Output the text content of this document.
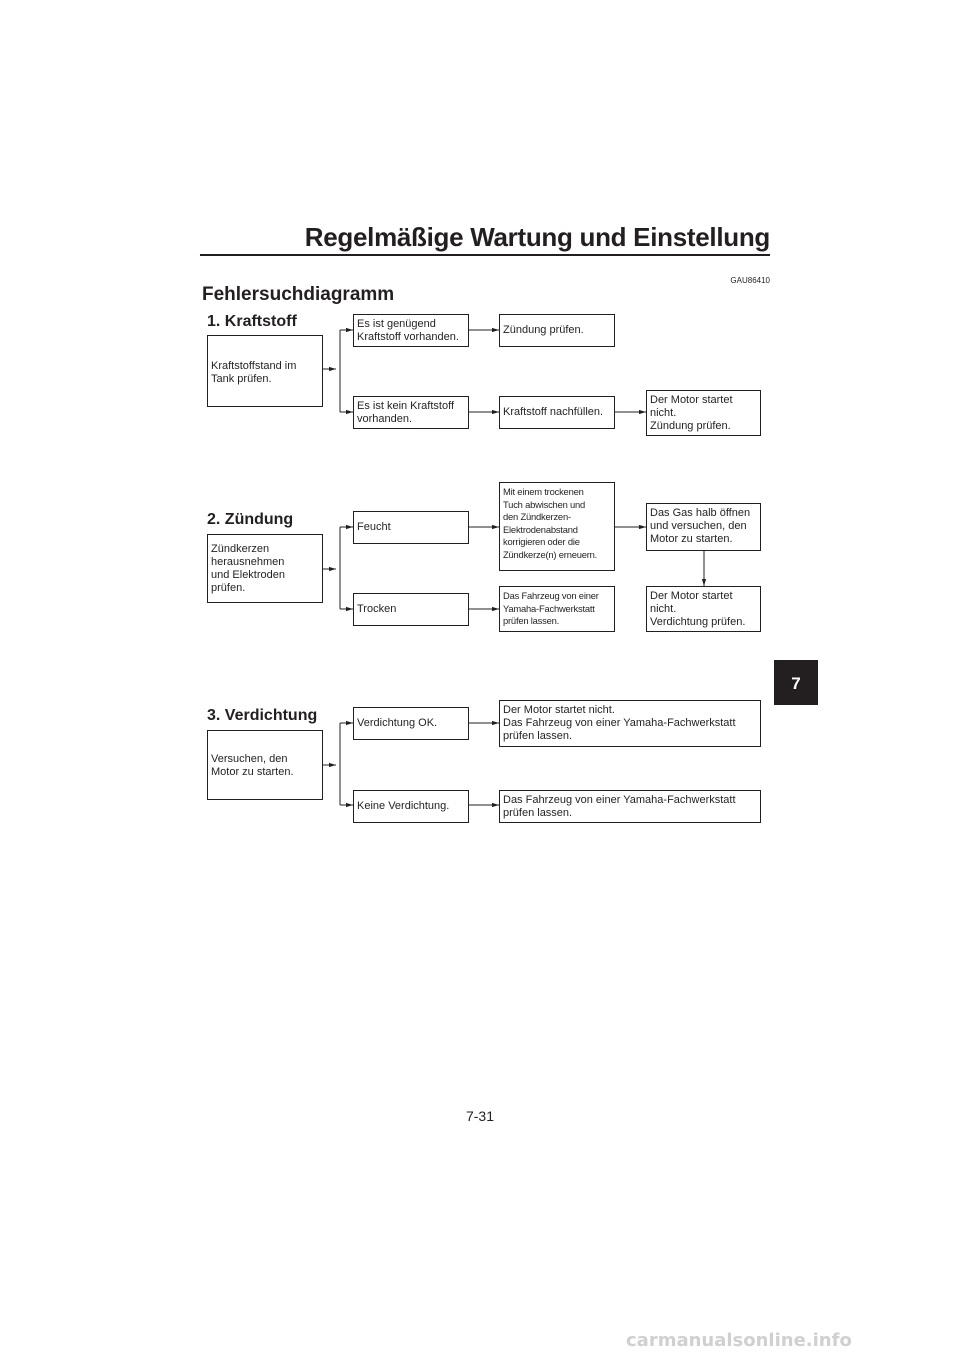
Regelmäßige Wartung und Einstellung
GAU86410
Fehlersuchdiagramm
7
1. Kraftstoff
Kraftstoffstand im
Tank prüfen.
Es ist genügend
Kraftstoff vorhanden.
Zündung prüfen.
Es ist kein Kraftstoff
vorhanden.
Kraftstoff nachfüllen.
Der Motor startet
nicht.
Zündung prüfen.
2. Zündung
Zündkerzen
herausnehmen
und Elektroden
prüfen.
Feucht
Mit einem trockenen
Tuch abwischen und
den Zündkerzen-
Elektrodenabstand
korrigieren oder die
Zündkerze(n) erneuern.
Das Gas halb öffnen
und versuchen, den
Motor zu starten.
Trocken
Das Fahrzeug von einer
Yamaha-Fachwerkstatt
prüfen lassen.
Der Motor startet
nicht.
Verdichtung prüfen.
3. Verdichtung
Versuchen, den
Motor zu starten.
Verdichtung OK.
Der Motor startet nicht.
Das Fahrzeug von einer Yamaha-Fachwerkstatt
prüfen lassen.
Keine Verdichtung.	Das Fahrzeug von einer Yamaha-Fachwerkstatt
prüfen lassen.
7-31
carmanualsonline.info
